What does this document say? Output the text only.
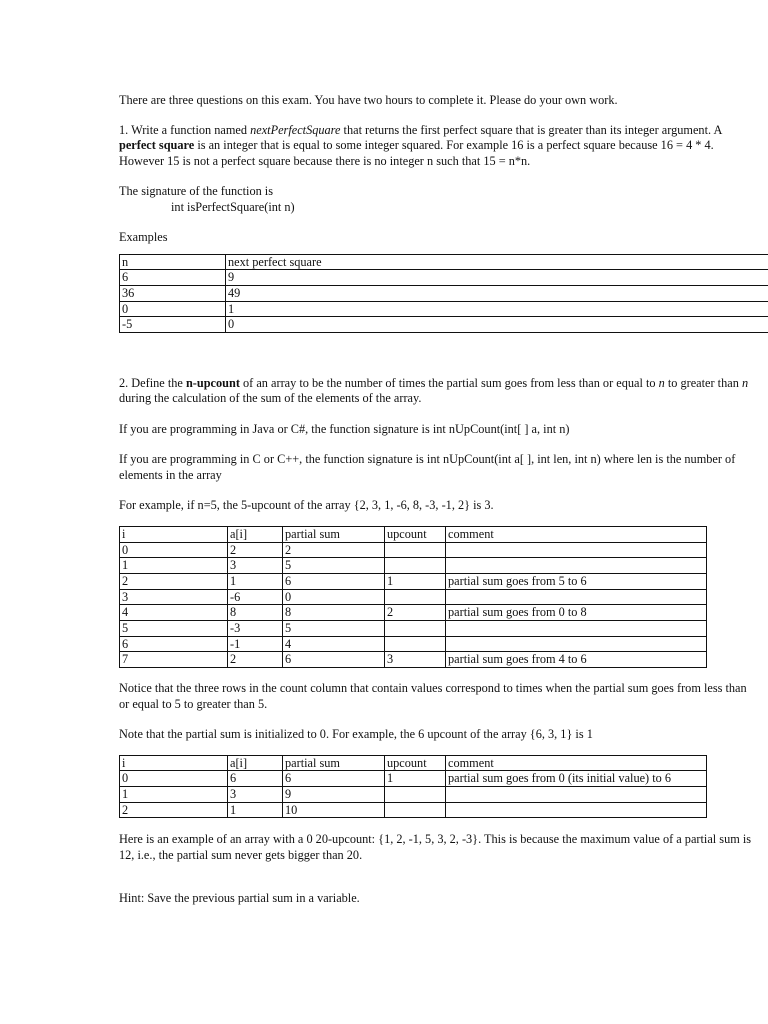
There are three questions on this exam. You have two hours to complete it. Please do your own work.

1. Write a function named nextPerfectSquare that returns the first perfect square that is greater than its integer argument. A perfect square is an integer that is equal to some integer squared. For example 16 is a perfect square because 16 = 4 * 4. However 15 is not a perfect square because there is no integer n such that 15 = n*n.

The signature of the function is

int isPerfectSquare(int n)

Examples

n	next perfect square
6	9
36	49
0	1
-5	0

2. Define the n-upcount of an array to be the number of times the partial sum goes from less than or equal to n to greater than n during the calculation of the sum of the elements of the array.

If you are programming in Java or C#, the function signature is int nUpCount(int[ ] a, int n)

If you are programming in C or C++, the function signature is int nUpCount(int a[ ], int len, int n) where len is the number of elements in the array

For example, if n=5, the 5-upcount of the array {2, 3, 1, -6, 8, -3, -1, 2} is 3.

i	a[i]	partial sum	upcount	comment
0	2	2		
1	3	5		
2	1	6	1	partial sum goes from 5 to 6
3	-6	0		
4	8	8	2	partial sum goes from 0 to 8
5	-3	5		
6	-1	4		
7	2	6	3	partial sum goes from 4 to 6

Notice that the three rows in the count column that contain values correspond to times when the partial sum goes from less than or equal to 5 to greater than 5.

Note that the partial sum is initialized to 0. For example, the 6 upcount of the array {6, 3, 1} is 1

i	a[i]	partial sum	upcount	comment
0	6	6	1	partial sum goes from 0 (its initial value) to 6
1	3	9		
2	1	10		

Here is an example of an array with a 0 20-upcount: {1, 2, -1, 5, 3, 2, -3}. This is because the maximum value of a partial sum is 12, i.e., the partial sum never gets bigger than 20.

Hint: Save the previous partial sum in a variable.
